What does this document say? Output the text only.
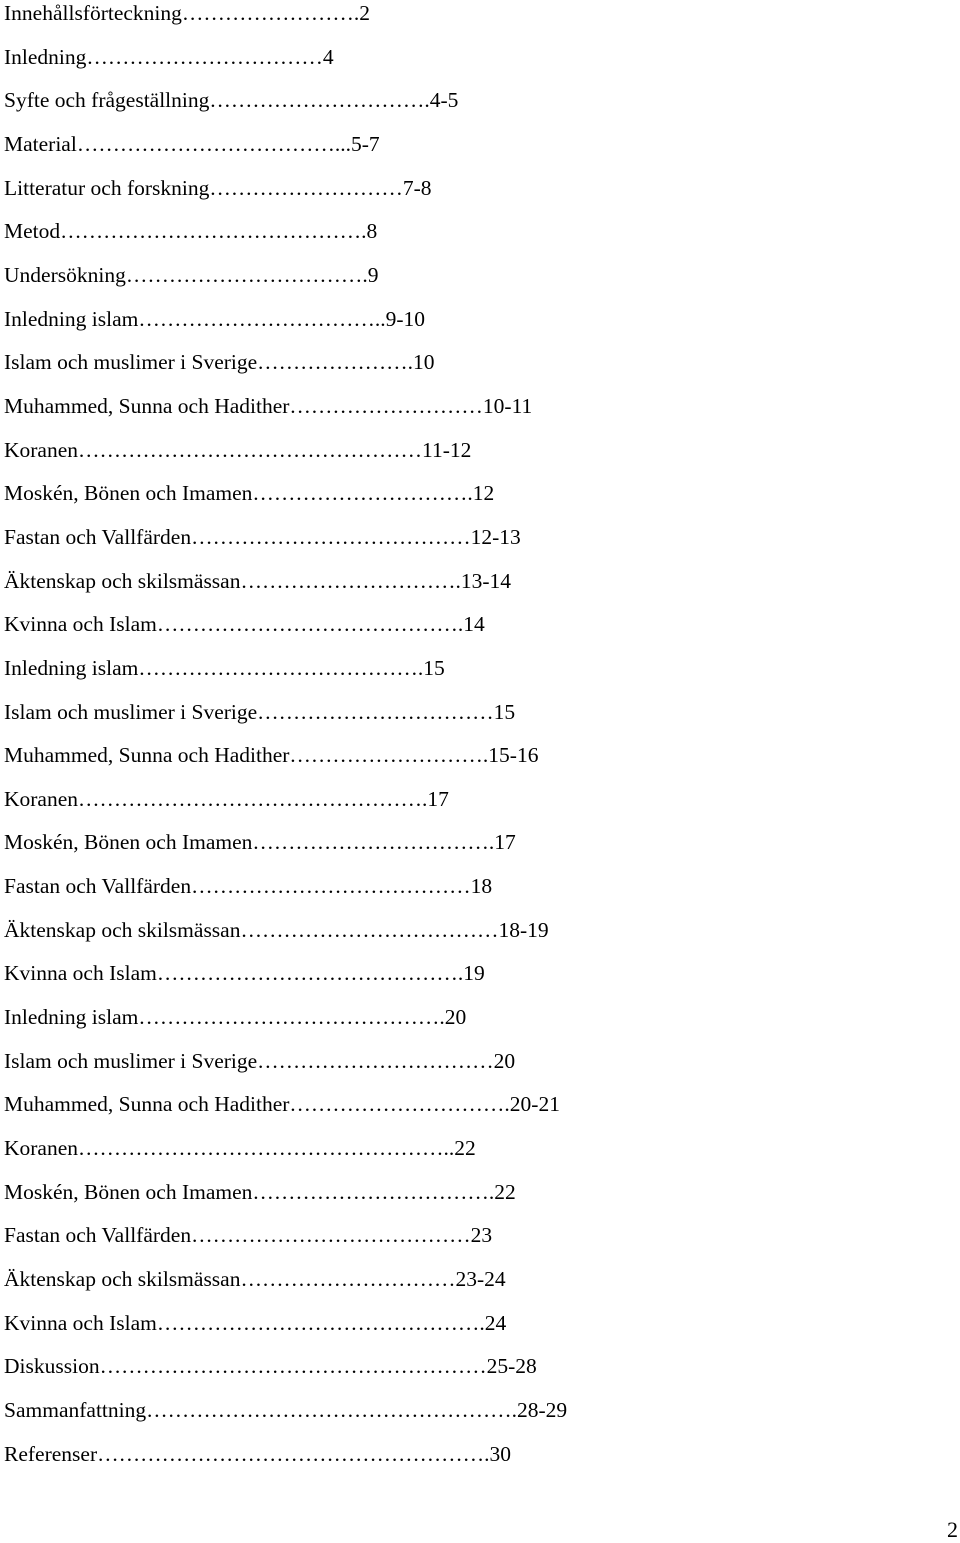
Innehållsförteckning ……………………. 2
Inledning …………………………… 4
Syfte och frågeställning …………………………. 4-5
Material ………………………………... 5-7
Litteratur och forskning ……………………… 7-8
Metod ……………………………………. 8
Undersökning ……………………………. 9
Inledning islam …………………………….. 9-10
Islam och muslimer i Sverige …………………. 10
Muhammed, Sunna och Hadither ……………………… 10-11
Koranen ………………………………………… 11-12
Moskén, Bönen och Imamen …………………………. 12
Fastan och Vallfärden ………………………………… 12-13
Äktenskap och skilsmässan …………………………. 13-14
Kvinna och Islam ……………………………………. 14
Inledning islam …………………………………. 15
Islam och muslimer i Sverige …………………………… 15
Muhammed, Sunna och Hadither ………………………. 15-16
Koranen …………………………………………. 17
Moskén, Bönen och Imamen ……………………………. 17
Fastan och Vallfärden ………………………………… 18
Äktenskap och skilsmässan ……………………………… 18-19
Kvinna och Islam ……………………………………. 19
Inledning islam ……………………………………. 20
Islam och muslimer i Sverige …………………………… 20
Muhammed, Sunna och Hadither …………………………. 20-21
Koranen …………………………………………….. 22
Moskén, Bönen och Imamen ……………………………. 22
Fastan och Vallfärden ………………………………… 23
Äktenskap och skilsmässan ………………………… 23-24
Kvinna och Islam ………………………………………. 24
Diskussion ……………………………………………… 25-28
Sammanfattning ……………………………………………. 28-29
Referenser ………………………………………………. 30
2
